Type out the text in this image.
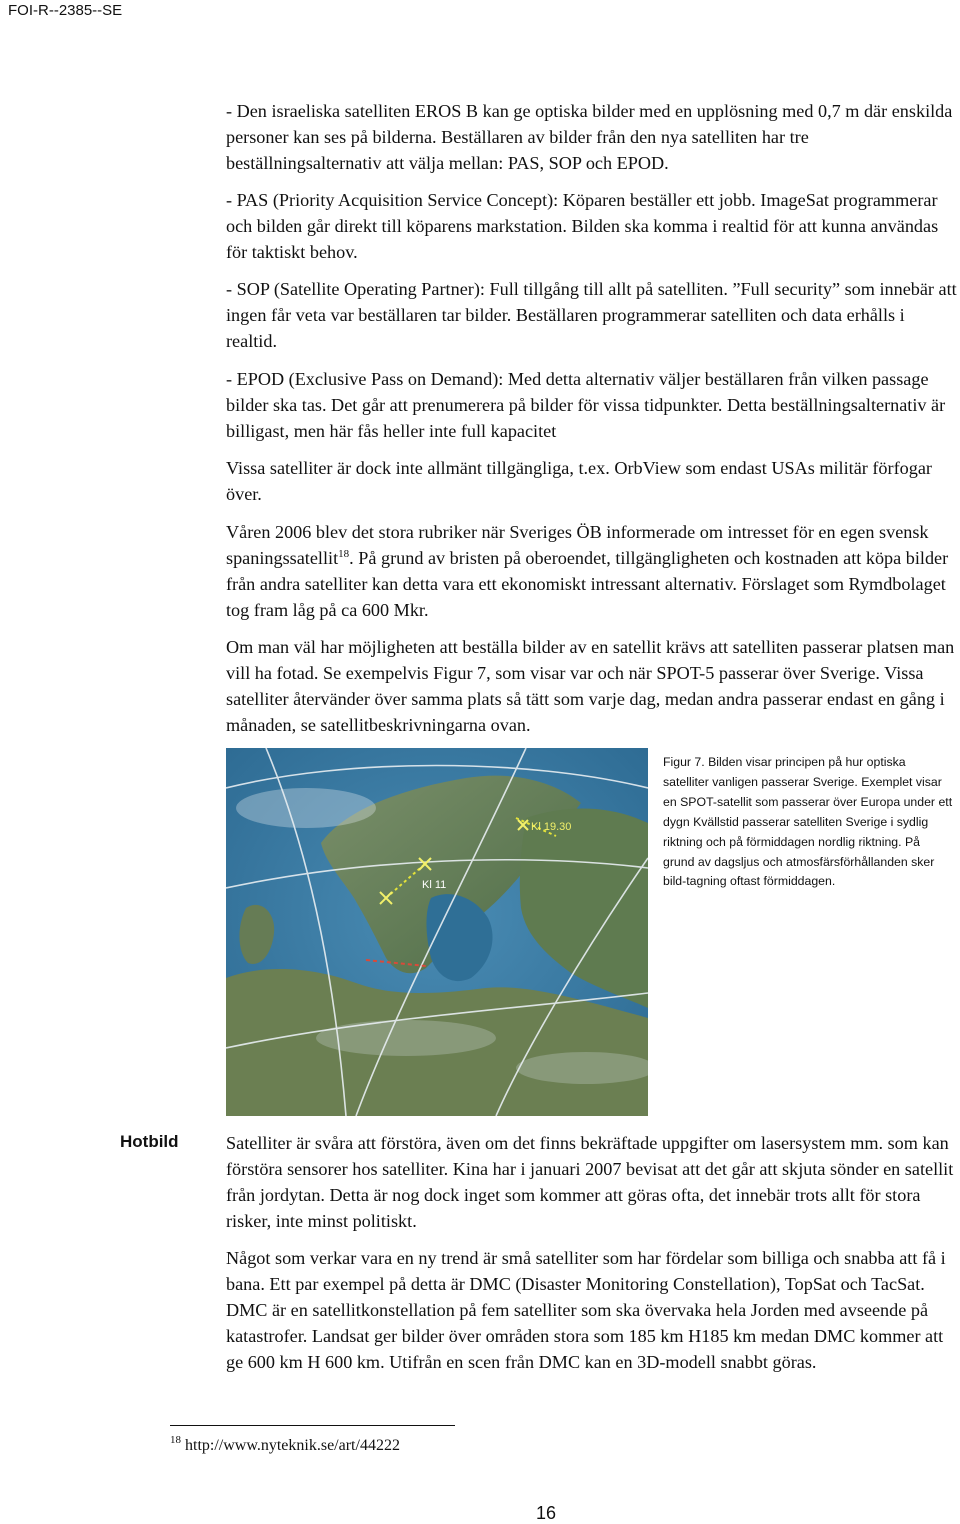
FOI-R--2385--SE

- Den israeliska satelliten EROS B kan ge optiska bilder med en upplösning med 0,7 m där enskilda personer kan ses på bilderna. Beställaren av bilder från den nya satelliten har tre beställningsalternativ att välja mellan: PAS, SOP och EPOD.

- PAS (Priority Acquisition Service Concept): Köparen beställer ett jobb. ImageSat programmerar och bilden går direkt till köparens markstation. Bilden ska komma i realtid för att kunna användas för taktiskt behov.

- SOP (Satellite Operating Partner): Full tillgång till allt på satelliten. ”Full security” som innebär att ingen får veta var beställaren tar bilder. Beställaren programmerar satelliten och data erhålls i realtid.

- EPOD (Exclusive Pass on Demand): Med detta alternativ väljer beställaren från vilken passage bilder ska tas. Det går att prenumerera på bilder för vissa tidpunkter. Detta beställningsalternativ är billigast, men här fås heller inte full kapacitet

Vissa satelliter är dock inte allmänt tillgängliga, t.ex. OrbView som endast USAs militär förfogar över.

Våren 2006 blev det stora rubriker när Sveriges ÖB informerade om intresset för en egen svensk spaningssatellit$^{18}$. På grund av bristen på oberoendet, tillgängligheten och kostnaden att köpa bilder från andra satelliter kan detta vara ett ekonomiskt intressant alternativ. Förslaget som Rymdbolaget tog fram låg på ca 600 Mkr.

Om man väl har möjligheten att beställa bilder av en satellit krävs att satelliten passerar platsen man vill ha fotad. Se exempelvis Figur 7, som visar var och när SPOT-5 passerar över Sverige. Vissa satelliter återvänder över samma plats så tätt som varje dag, medan andra passerar endast en gång i månaden, se satellitbeskrivningarna ovan.

Kl 11
Kl 19.30

Figur 7. Bilden visar principen på hur optiska satelliter vanligen passerar Sverige. Exemplet visar en SPOT-satellit som passerar över Europa under ett dygn Kvällstid passerar satelliten Sverige i sydlig riktning och på förmiddagen nordlig riktning. På grund av dagsljus och atmosfärsförhållanden sker bild-tagning oftast förmiddagen.

Hotbild	Satelliter är svåra att förstöra, även om det finns bekräftade uppgifter om lasersystem mm. som kan förstöra sensorer hos satelliter. Kina har i januari 2007 bevisat att det går att skjuta sönder en satellit från jordytan. Detta är nog dock inget som kommer att göras ofta, det innebär trots allt för stora risker, inte minst politiskt.

Något som verkar vara en ny trend är små satelliter som har fördelar som billiga och snabba att få i bana. Ett par exempel på detta är DMC (Disaster Monitoring Constellation), TopSat och TacSat. DMC är en satellitkonstellation på fem satelliter som ska övervaka hela Jorden med avseende på katastrofer. Landsat ger bilder över områden stora som 185 km H185 km medan DMC kommer att ge 600 km H 600 km. Utifrån en scen från DMC kan en 3D-modell snabbt göras.

$^{18}$ http://www.nyteknik.se/art/44222
16
